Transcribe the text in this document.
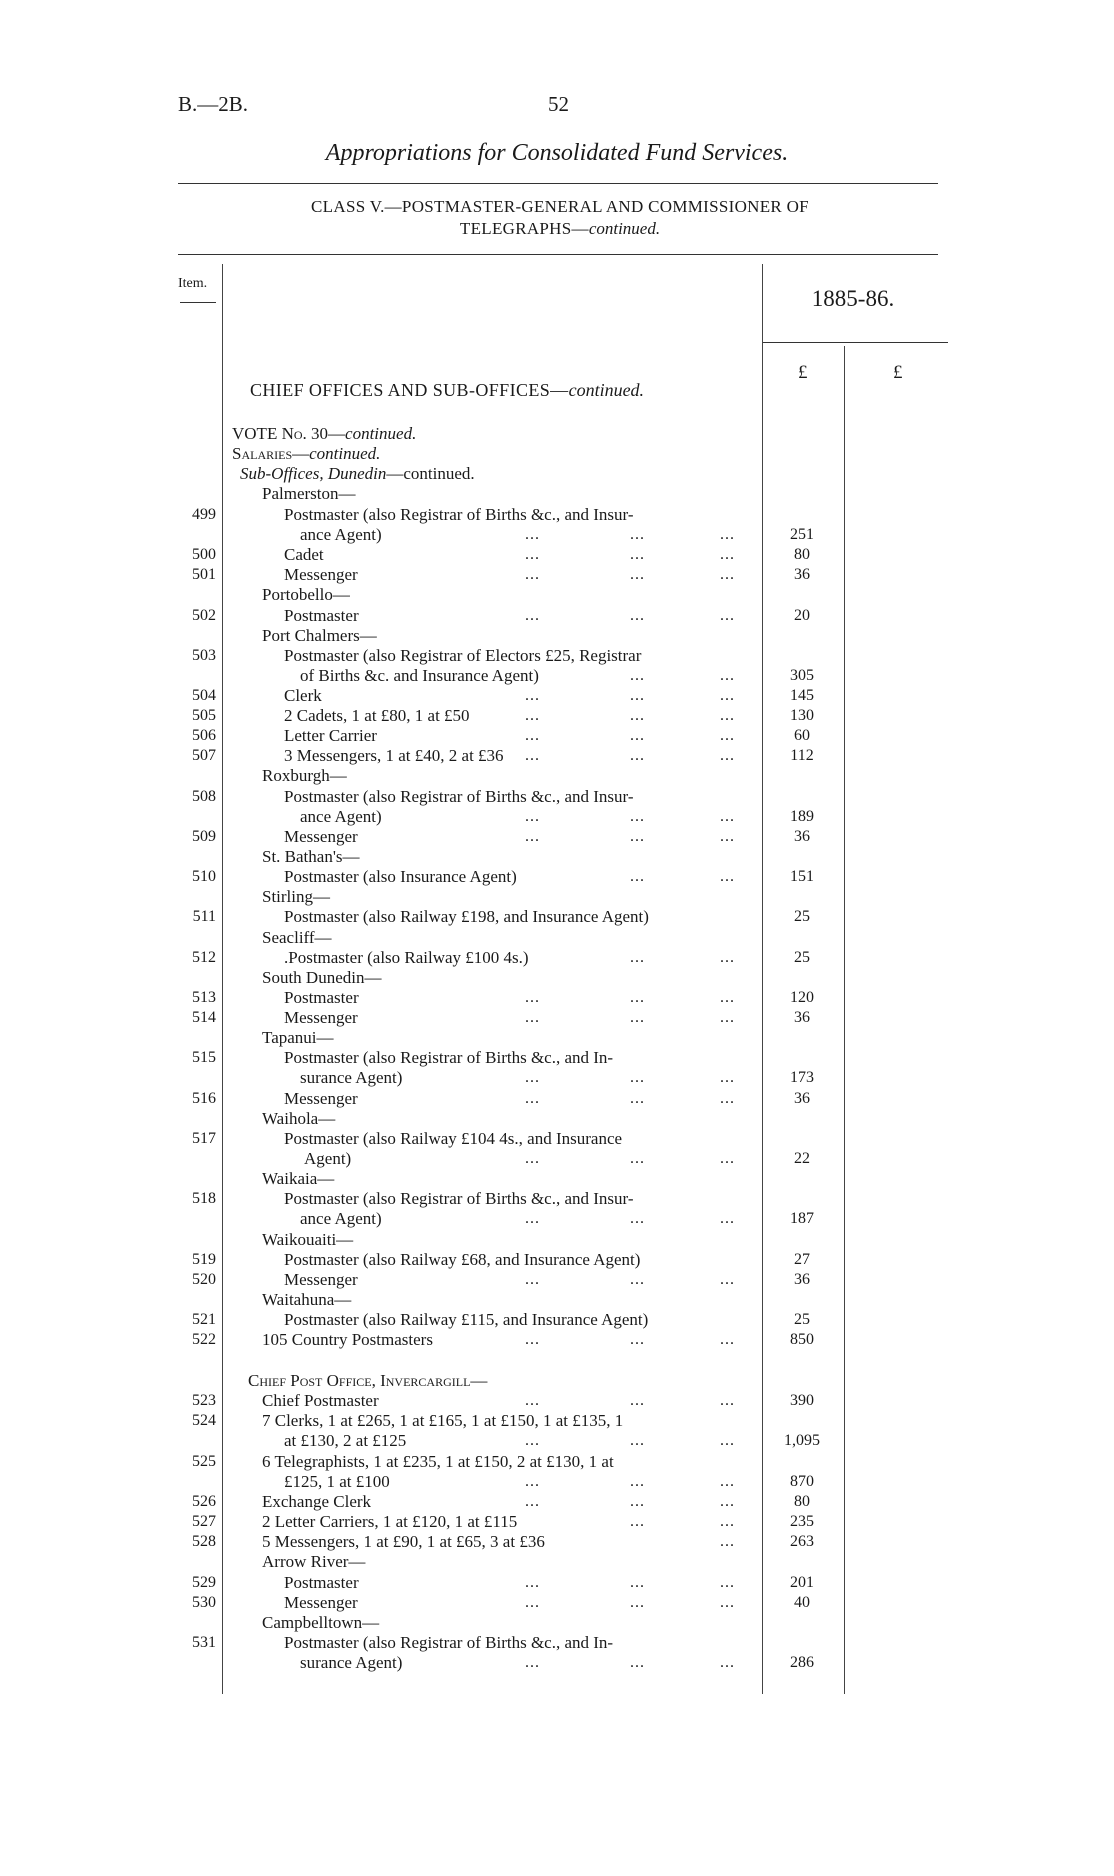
B.—2B.	52
Appropriations for Consolidated Fund Services.
CLASS V.—POSTMASTER-GENERAL AND COMMISSIONER OF
TELEGRAPHS—continued.
Item.
1885-86.
£	£
CHIEF OFFICES AND SUB-OFFICES—continued.
VOTE No. 30—continued.
Salaries—continued.
Sub-Offices, Dunedin—continued.
Palmerston—
499	Postmaster (also Registrar of Births &c., and Insur-
ance Agent)	...	...	...	251
500	Cadet	...	...	...	80
501	Messenger	...	...	...	36
Portobello—
502	Postmaster	...	...	...	20
Port Chalmers—
503	Postmaster (also Registrar of Electors £25, Registrar
of Births &c. and Insurance Agent)	...	...	305
504	Clerk	...	...	...	145
505	2 Cadets, 1 at £80, 1 at £50	...	...	...	130
506	Letter Carrier	...	...	...	60
507	3 Messengers, 1 at £40, 2 at £36 ...	...	...	112
Roxburgh—
508	Postmaster (also Registrar of Births &c., and Insur-
ance Agent)	...	...	...	189
509	Messenger	...	...	...	36
St. Bathan's—
510	Postmaster (also Insurance Agent)	...	...	151
Stirling—
511	Postmaster (also Railway £198, and Insurance Agent)	25
Seacliff—
512	.Postmaster (also Railway £100 4s.)	...	...	25
South Dunedin—
513	Postmaster	...	...	...	120
514	Messenger	...	...	...	36
Tapanui—
515	Postmaster (also Registrar of Births &c., and In-
surance Agent)	...	...	...	173
516	Messenger	...	...	...	36
Waihola—
517	Postmaster (also Railway £104 4s., and Insurance
Agent)	...	...	...	22
Waikaia—
518	Postmaster (also Registrar of Births &c., and Insur-
ance Agent)	...	...	...	187
Waikouaiti—
519	Postmaster (also Railway £68, and Insurance Agent)	27
520	Messenger	...	...	...	36
Waitahuna—
521	Postmaster (also Railway £115, and Insurance Agent)	25
522	105 Country Postmasters	...	...	...	850
Chief Post Office, Invercargill—
523	Chief Postmaster	...	...	...	390
524	7 Clerks, 1 at £265, 1 at £165, 1 at £150, 1 at £135, 1
at £130, 2 at £125	...	...	...	1,095
525	6 Telegraphists, 1 at £235, 1 at £150, 2 at £130, 1 at
£125, 1 at £100	...	...	...	870
526	Exchange Clerk	...	...	...	80
527	2 Letter Carriers, 1 at £120, 1 at £115	...	...	235
528	5 Messengers, 1 at £90, 1 at £65, 3 at £36	...	263
Arrow River—
529	Postmaster	...	...	...	201
530	Messenger	...	...	...	40
Campbelltown—
531	Postmaster (also Registrar of Births &c., and In-
surance Agent)	...	...	...	286
